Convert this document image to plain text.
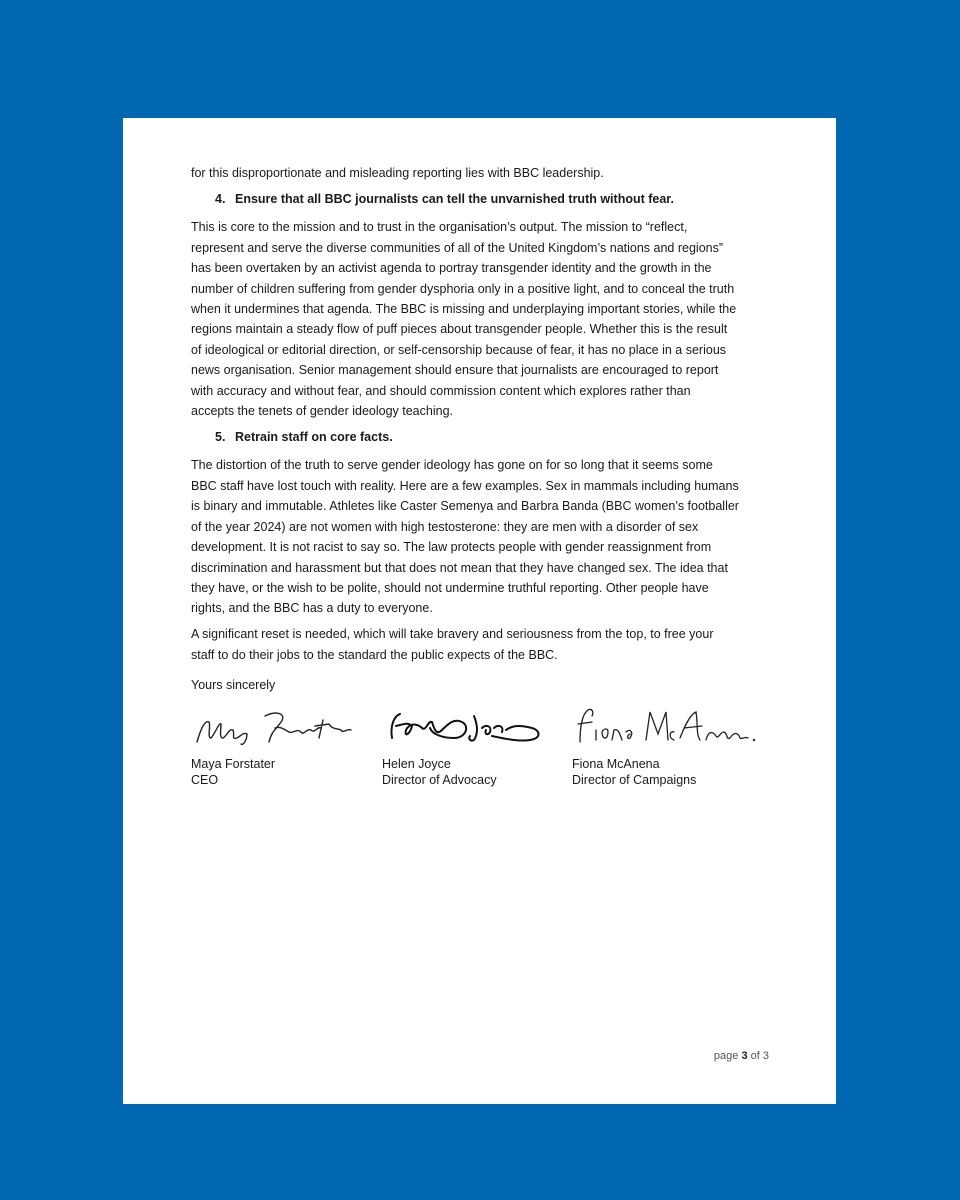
for this disproportionate and misleading reporting lies with BBC leadership.

4. Ensure that all BBC journalists can tell the unvarnished truth without fear.

This is core to the mission and to trust in the organisation’s output. The mission to “reflect,
represent and serve the diverse communities of all of the United Kingdom’s nations and regions”
has been overtaken by an activist agenda to portray transgender identity and the growth in the
number of children suffering from gender dysphoria only in a positive light, and to conceal the truth
when it undermines that agenda. The BBC is missing and underplaying important stories, while the
regions maintain a steady flow of puff pieces about transgender people. Whether this is the result
of ideological or editorial direction, or self-censorship because of fear, it has no place in a serious
news organisation. Senior management should ensure that journalists are encouraged to report
with accuracy and without fear, and should commission content which explores rather than
accepts the tenets of gender ideology teaching.

5. Retrain staff on core facts.

The distortion of the truth to serve gender ideology has gone on for so long that it seems some
BBC staff have lost touch with reality. Here are a few examples. Sex in mammals including humans
is binary and immutable. Athletes like Caster Semenya and Barbra Banda (BBC women’s footballer
of the year 2024) are not women with high testosterone: they are men with a disorder of sex
development. It is not racist to say so. The law protects people with gender reassignment from
discrimination and harassment but that does not mean that they have changed sex. The idea that
they have, or the wish to be polite, should not undermine truthful reporting. Other people have
rights, and the BBC has a duty to everyone.

A significant reset is needed, which will take bravery and seriousness from the top, to free your
staff to do their jobs to the standard the public expects of the BBC.

Yours sincerely

Maya Forstater
CEO
Helen Joyce
Director of Advocacy
Fiona McAnena
Director of Campaigns
page 3 of 3
